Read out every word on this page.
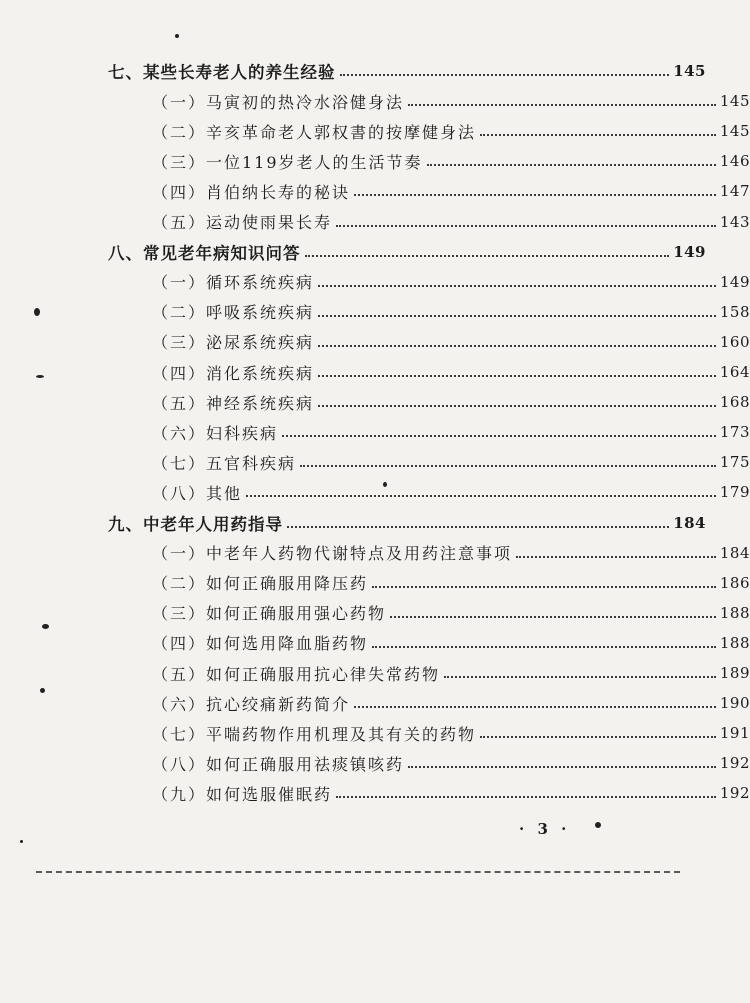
七、某些长寿老人的养生经验	145
（一）马寅初的热冷水浴健身法	145
（二）辛亥革命老人郭权書的按摩健身法	145
（三）一位119岁老人的生活节奏	146
（四）肖伯纳长寿的秘诀	147
（五）运动使雨果长寿	143
八、常见老年病知识问答	149
（一）循环系统疾病	149
（二）呼吸系统疾病	158
（三）泌尿系统疾病	160
（四）消化系统疾病	164
（五）神经系统疾病	168
（六）妇科疾病	173
（七）五官科疾病	175
（八）其他	179
九、中老年人用药指导	184
（一）中老年人药物代谢特点及用药注意事项	184
（二）如何正确服用降压药	186
（三）如何正确服用强心药物	188
（四）如何选用降血脂药物	188
（五）如何正确服用抗心律失常药物	189
（六）抗心绞痛新药简介	190
（七）平喘药物作用机理及其有关的药物	191
（八）如何正确服用祛痰镇咳药	192
（九）如何选服催眠药	192
· 3 ·
